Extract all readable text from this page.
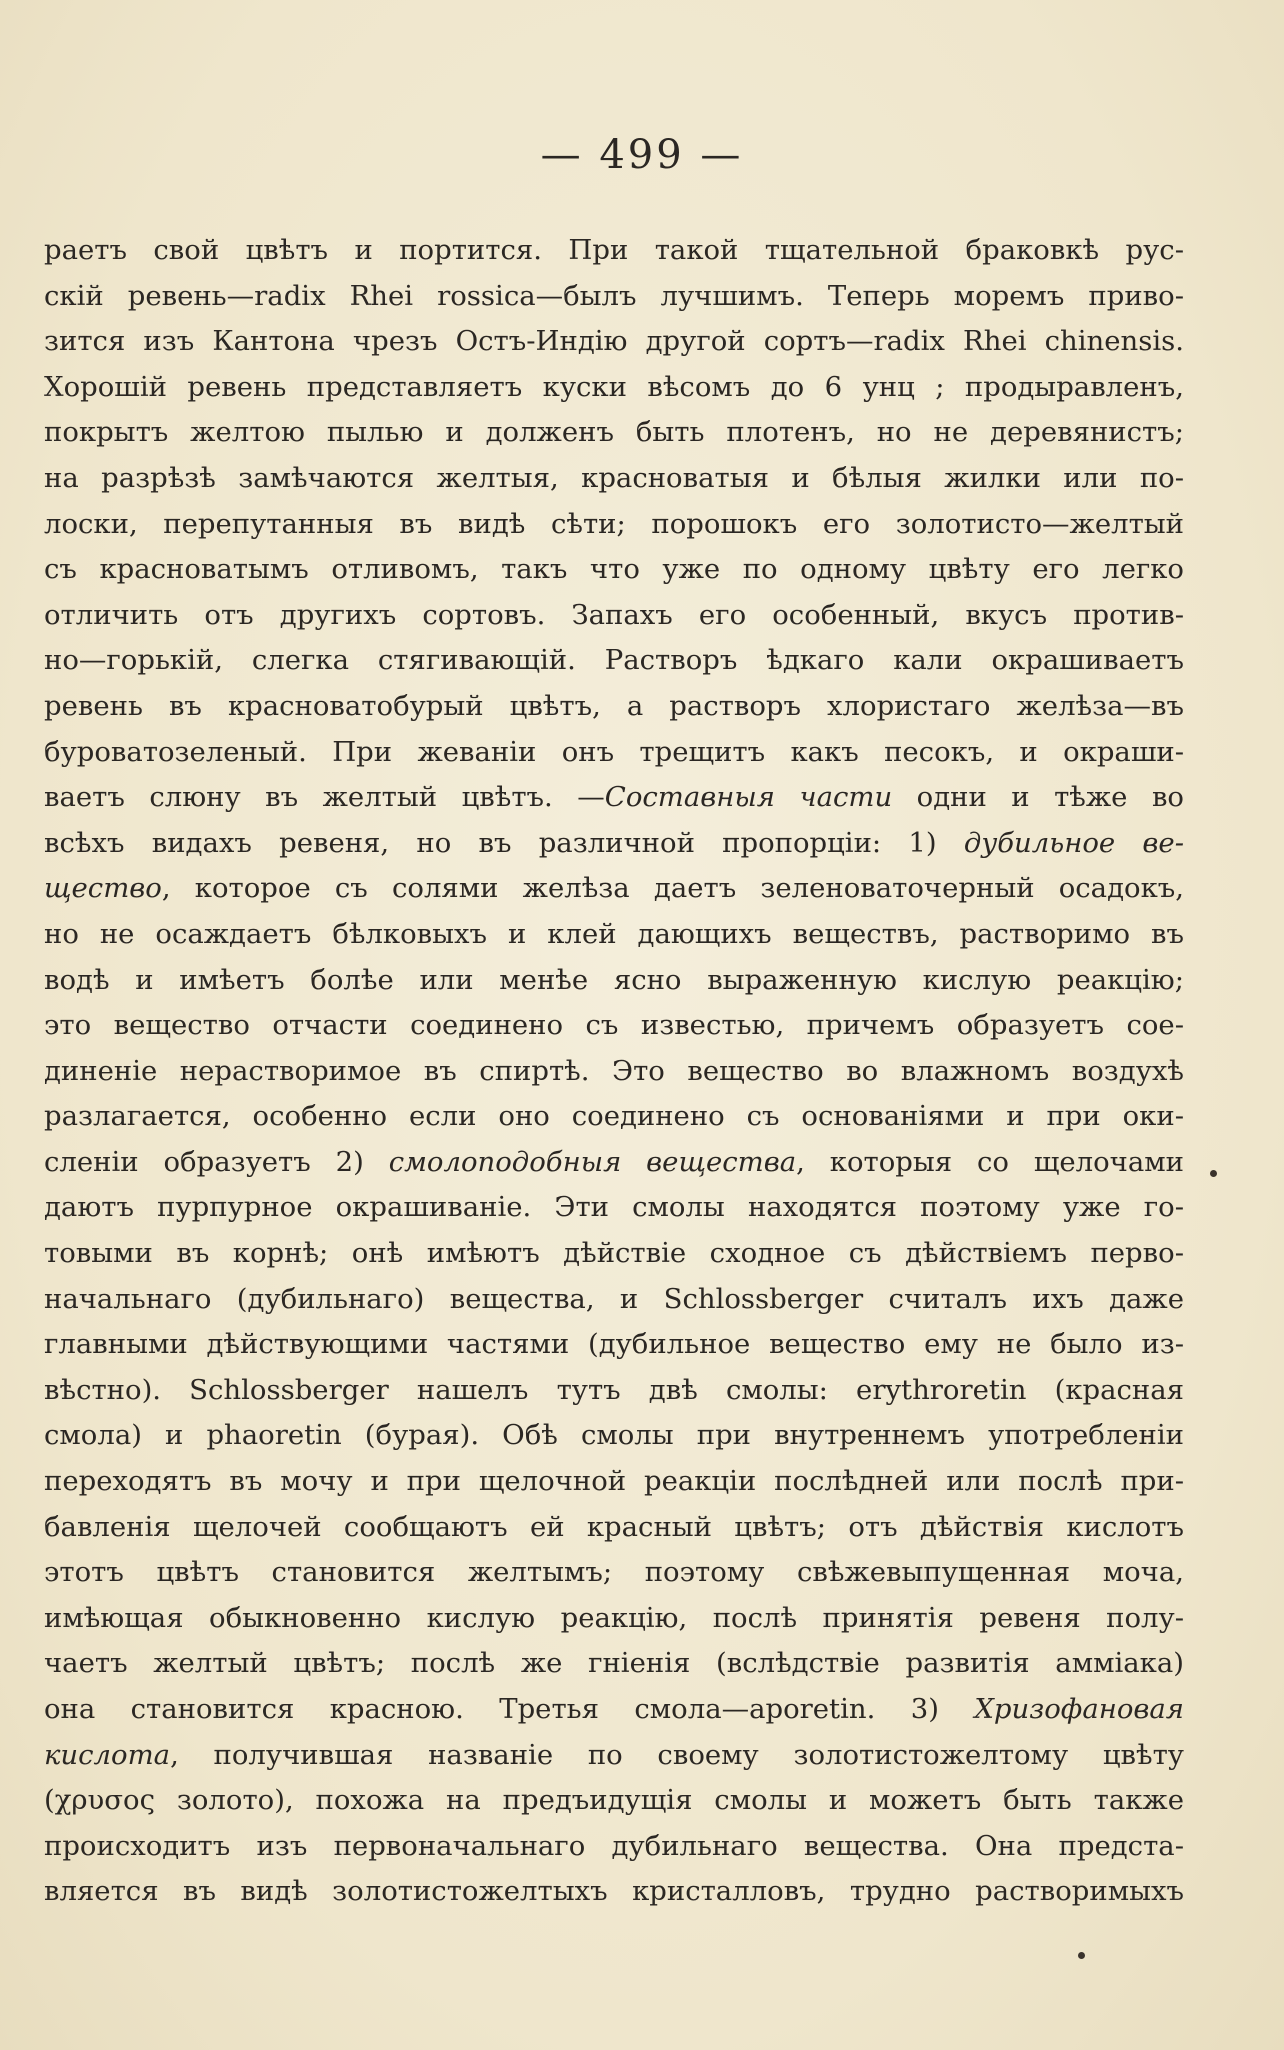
— 499 —
раетъ свой цвѣтъ и портится. При такой тщательной браковкѣ рус-
скій ревень—radix Rhei rossica—былъ лучшимъ. Теперь моремъ приво-
зится изъ Кантона чрезъ Остъ-Индію другой сортъ—radix Rhei chinensis.
Хорошій ревень представляетъ куски вѣсомъ до 6 унц ; продыравленъ,
покрытъ желтою пылью и долженъ быть плотенъ, но не деревянистъ;
на разрѣзѣ замѣчаются желтыя, красноватыя и бѣлыя жилки или по-
лоски, перепутанныя въ видѣ сѣти; порошокъ его золотисто—желтый
съ красноватымъ отливомъ, такъ что уже по одному цвѣту его легко
отличить отъ другихъ сортовъ. Запахъ его особенный, вкусъ против-
но—горькій, слегка стягивающій. Растворъ ѣдкаго кали окрашиваетъ
ревень въ красноватобурый цвѣтъ, а растворъ хлористаго желѣза—въ
буроватозеленый. При жеваніи онъ трещитъ какъ песокъ, и окраши-
ваетъ слюну въ желтый цвѣтъ. —Составныя части одни и тѣже во
всѣхъ видахъ ревеня, но въ различной пропорціи: 1) дубильное ве-
щество, которое съ солями желѣза даетъ зеленоваточерный осадокъ,
но не осаждаетъ бѣлковыхъ и клей дающихъ веществъ, растворимо въ
водѣ и имѣетъ болѣе или менѣе ясно выраженную кислую реакцію;
это вещество отчасти соединено съ известью, причемъ образуетъ сое-
диненіе нерастворимое въ спиртѣ. Это вещество во влажномъ воздухѣ
разлагается, особенно если оно соединено съ основаніями и при оки-
сленіи образуетъ 2) смолоподобныя вещества, которыя со щелочами
даютъ пурпурное окрашиваніе. Эти смолы находятся поэтому уже го-
товыми въ корнѣ; онѣ имѣютъ дѣйствіе сходное съ дѣйствіемъ перво-
начальнаго (дубильнаго) вещества, и Schlossberger считалъ ихъ даже
главными дѣйствующими частями (дубильное вещество ему не было из-
вѣстно). Schlossberger нашелъ тутъ двѣ смолы: erythroretin (красная
смола) и phaoretin (бурая). Обѣ смолы при внутреннемъ употребленіи
переходятъ въ мочу и при щелочной реакціи послѣдней или послѣ при-
бавленія щелочей сообщаютъ ей красный цвѣтъ; отъ дѣйствія кислотъ
этотъ цвѣтъ становится желтымъ; поэтому свѣжевыпущенная моча,
имѣющая обыкновенно кислую реакцію, послѣ принятія ревеня полу-
чаетъ желтый цвѣтъ; послѣ же гніенія (вслѣдствіе развитія амміака)
она становится красною. Третья смола—aporetin. 3) Хризофановая
кислота, получившая названіе по своему золотистожелтому цвѣту
(χρυσος золото), похожа на предъидущія смолы и можетъ быть также
происходитъ изъ первоначальнаго дубильнаго вещества. Она предста-
вляется въ видѣ золотистожелтыхъ кристалловъ, трудно растворимыхъ
